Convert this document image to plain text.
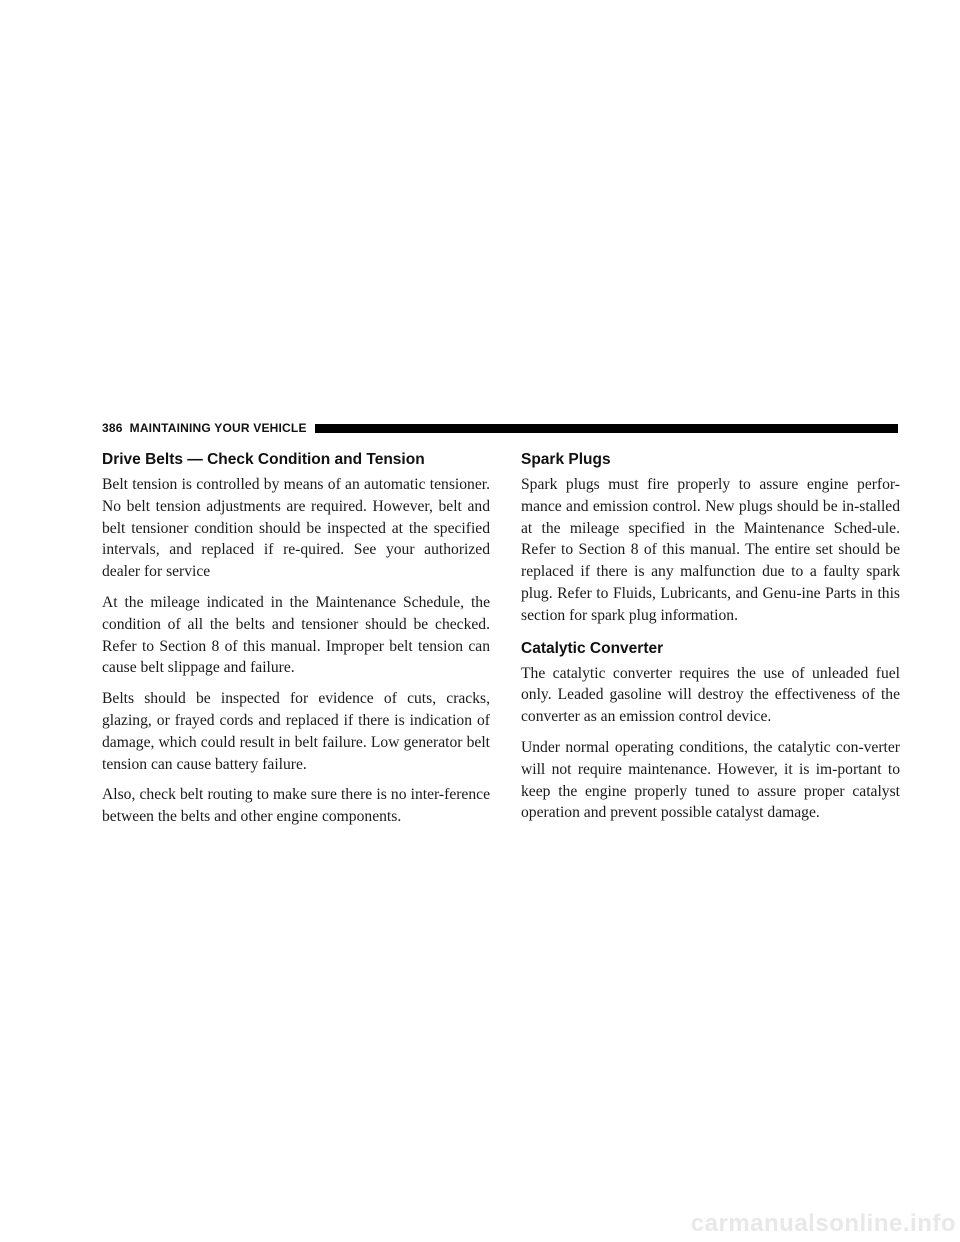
386 MAINTAINING YOUR VEHICLE
Drive Belts — Check Condition and Tension

Belt tension is controlled by means of an automatic tensioner. No belt tension adjustments are required. However, belt and belt tensioner condition should be inspected at the specified intervals, and replaced if re-quired. See your authorized dealer for service

At the mileage indicated in the Maintenance Schedule, the condition of all the belts and tensioner should be checked. Refer to Section 8 of this manual. Improper belt tension can cause belt slippage and failure.

Belts should be inspected for evidence of cuts, cracks, glazing, or frayed cords and replaced if there is indication of damage, which could result in belt failure. Low generator belt tension can cause battery failure.

Also, check belt routing to make sure there is no inter-ference between the belts and other engine components.

Spark Plugs

Spark plugs must fire properly to assure engine perfor-mance and emission control. New plugs should be in-stalled at the mileage specified in the Maintenance Sched-ule. Refer to Section 8 of this manual. The entire set should be replaced if there is any malfunction due to a faulty spark plug. Refer to Fluids, Lubricants, and Genu-ine Parts in this section for spark plug information.

Catalytic Converter

The catalytic converter requires the use of unleaded fuel only. Leaded gasoline will destroy the effectiveness of the converter as an emission control device.

Under normal operating conditions, the catalytic con-verter will not require maintenance. However, it is im-portant to keep the engine properly tuned to assure proper catalyst operation and prevent possible catalyst damage.

carmanualsonline.info
